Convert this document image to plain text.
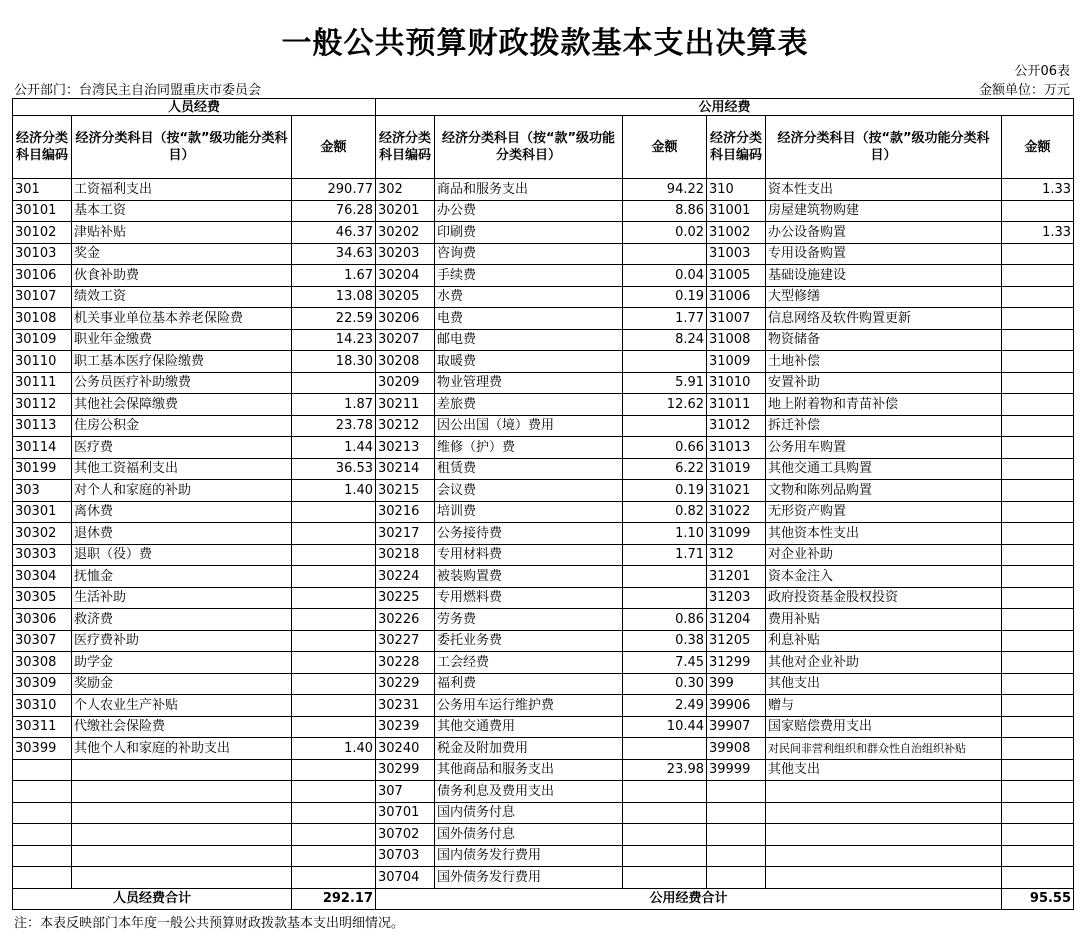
一般公共预算财政拨款基本支出决算表
公开06表
公开部门：台湾民主自治同盟重庆市委员会	金额单位：万元
人员经费			公用经费					
经济分类科目编码	经济分类科目（按“款”级功能分类科目）	金额	经济分类科目编码	经济分类科目（按“款”级功能分类科目）	金额	经济分类科目编码	经济分类科目（按“款”级功能分类科目）	金额
301	工资福利支出	290.77	302	商品和服务支出	94.22	310	资本性支出	1.33
30101	基本工资	76.28	30201	办公费	8.86	31001	房屋建筑物购建	
30102	津贴补贴	46.37	30202	印刷费	0.02	31002	办公设备购置	1.33
30103	奖金	34.63	30203	咨询费		31003	专用设备购置	
30106	伙食补助费	1.67	30204	手续费	0.04	31005	基础设施建设	
30107	绩效工资	13.08	30205	水费	0.19	31006	大型修缮	
30108	机关事业单位基本养老保险费	22.59	30206	电费	1.77	31007	信息网络及软件购置更新	
30109	职业年金缴费	14.23	30207	邮电费	8.24	31008	物资储备	
30110	职工基本医疗保险缴费	18.30	30208	取暖费		31009	土地补偿	
30111	公务员医疗补助缴费		30209	物业管理费	5.91	31010	安置补助	
30112	其他社会保障缴费	1.87	30211	差旅费	12.62	31011	地上附着物和青苗补偿	
30113	住房公积金	23.78	30212	因公出国（境）费用		31012	拆迁补偿	
30114	医疗费	1.44	30213	维修（护）费	0.66	31013	公务用车购置	
30199	其他工资福利支出	36.53	30214	租赁费	6.22	31019	其他交通工具购置	
303	对个人和家庭的补助	1.40	30215	会议费	0.19	31021	文物和陈列品购置	
30301	离休费		30216	培训费	0.82	31022	无形资产购置	
30302	退休费		30217	公务接待费	1.10	31099	其他资本性支出	
30303	退职（役）费		30218	专用材料费	1.71	312	对企业补助	
30304	抚恤金		30224	被装购置费		31201	资本金注入	
30305	生活补助		30225	专用燃料费		31203	政府投资基金股权投资	
30306	救济费		30226	劳务费	0.86	31204	费用补贴	
30307	医疗费补助		30227	委托业务费	0.38	31205	利息补贴	
30308	助学金		30228	工会经费	7.45	31299	其他对企业补助	
30309	奖励金		30229	福利费	0.30	399	其他支出	
30310	个人农业生产补贴		30231	公务用车运行维护费	2.49	39906	赠与	
30311	代缴社会保险费		30239	其他交通费用	10.44	39907	国家赔偿费用支出	
30399	其他个人和家庭的补助支出	1.40	30240	税金及附加费用		39908	对民间非营利组织和群众性自治组织补贴	
			30299	其他商品和服务支出	23.98	39999	其他支出	
			307	债务利息及费用支出				
			30701	国内债务付息				
			30702	国外债务付息				
			30703	国内债务发行费用				
			30704	国外债务发行费用				
人员经费合计		292.17	公用经费合计					95.55
注：本表反映部门本年度一般公共预算财政拨款基本支出明细情况。
